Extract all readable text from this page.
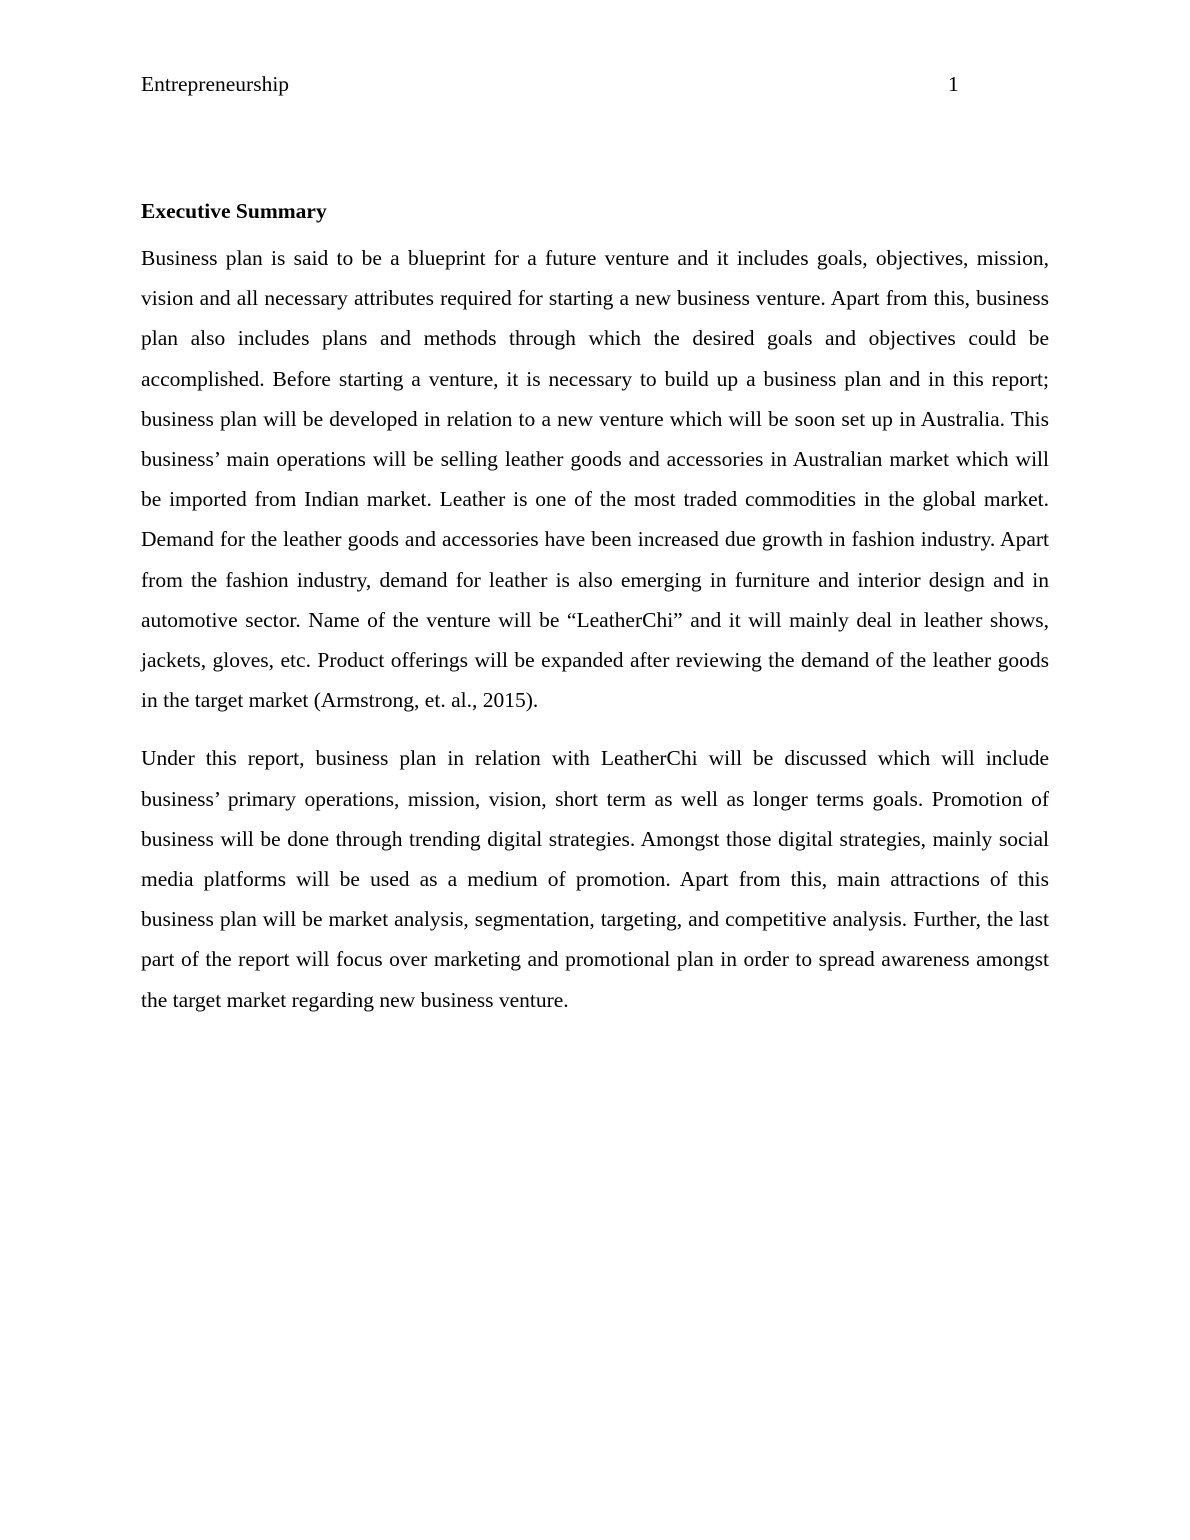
Entrepreneurship	1
Executive Summary

Business plan is said to be a blueprint for a future venture and it includes goals, objectives, mission, vision and all necessary attributes required for starting a new business venture. Apart from this, business plan also includes plans and methods through which the desired goals and objectives could be accomplished. Before starting a venture, it is necessary to build up a business plan and in this report; business plan will be developed in relation to a new venture which will be soon set up in Australia. This business’ main operations will be selling leather goods and accessories in Australian market which will be imported from Indian market. Leather is one of the most traded commodities in the global market. Demand for the leather goods and accessories have been increased due growth in fashion industry. Apart from the fashion industry, demand for leather is also emerging in furniture and interior design and in automotive sector. Name of the venture will be “LeatherChi” and it will mainly deal in leather shows, jackets, gloves, etc. Product offerings will be expanded after reviewing the demand of the leather goods in the target market (Armstrong, et. al., 2015).

Under this report, business plan in relation with LeatherChi will be discussed which will include business’ primary operations, mission, vision, short term as well as longer terms goals. Promotion of business will be done through trending digital strategies. Amongst those digital strategies, mainly social media platforms will be used as a medium of promotion. Apart from this, main attractions of this business plan will be market analysis, segmentation, targeting, and competitive analysis. Further, the last part of the report will focus over marketing and promotional plan in order to spread awareness amongst the target market regarding new business venture.
